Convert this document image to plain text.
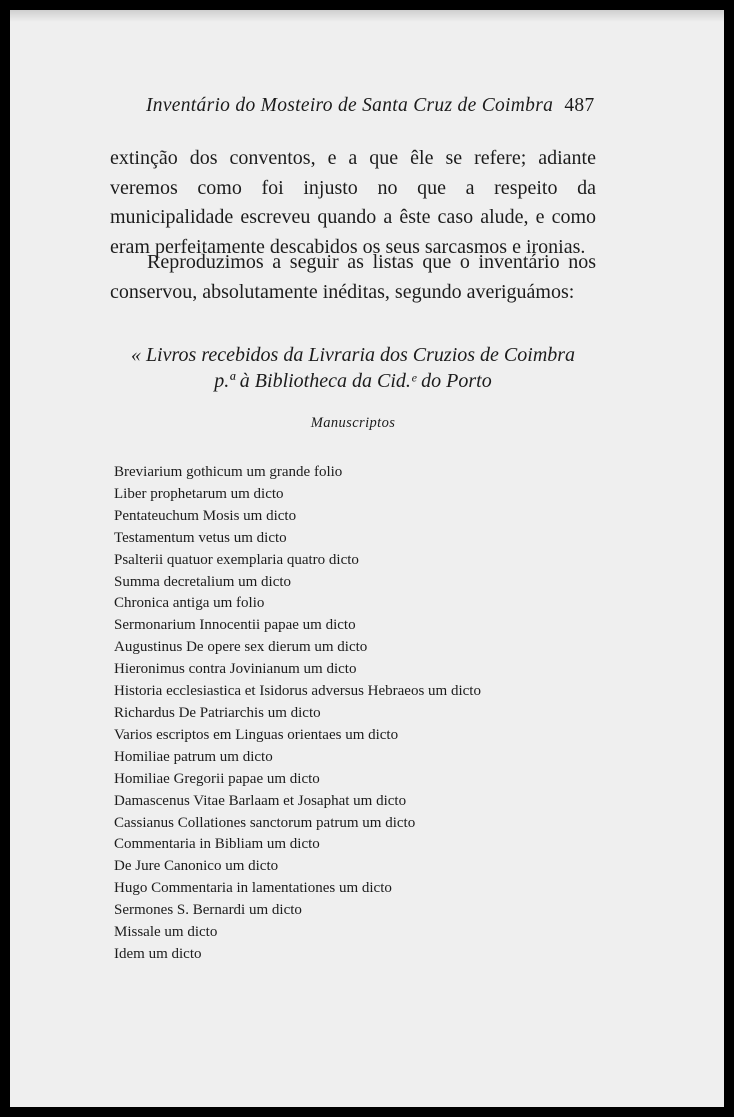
Inventário do Mosteiro de Santa Cruz de Coimbra 487
extinção dos conventos, e a que êle se refere; adiante veremos como foi injusto no que a respeito da municipalidade escreveu quando a êste caso alude, e como eram perfeitamente descabidos os seus sarcasmos e ironias.
Reproduzimos a seguir as listas que o inventário nos conservou, absolutamente inéditas, segundo averiguámos:
« Livros recebidos da Livraria dos Cruzios de Coimbra
p.ª à Bibliotheca da Cid.ᵉ do Porto
Manuscriptos
Breviarium gothicum um grande folio
Liber prophetarum um dicto
Pentateuchum Mosis um dicto
Testamentum vetus um dicto
Psalterii quatuor exemplaria quatro dicto
Summa decretalium um dicto
Chronica antiga um folio
Sermonarium Innocentii papae um dicto
Augustinus De opere sex dierum um dicto
Hieronimus contra Jovinianum um dicto
Historia ecclesiastica et Isidorus adversus Hebraeos um dicto
Richardus De Patriarchis um dicto
Varios escriptos em Linguas orientaes um dicto
Homiliae patrum um dicto
Homiliae Gregorii papae um dicto
Damascenus Vitae Barlaam et Josaphat um dicto
Cassianus Collationes sanctorum patrum um dicto
Commentaria in Bibliam um dicto
De Jure Canonico um dicto
Hugo Commentaria in lamentationes um dicto
Sermones S. Bernardi um dicto
Missale um dicto
Idem um dicto
